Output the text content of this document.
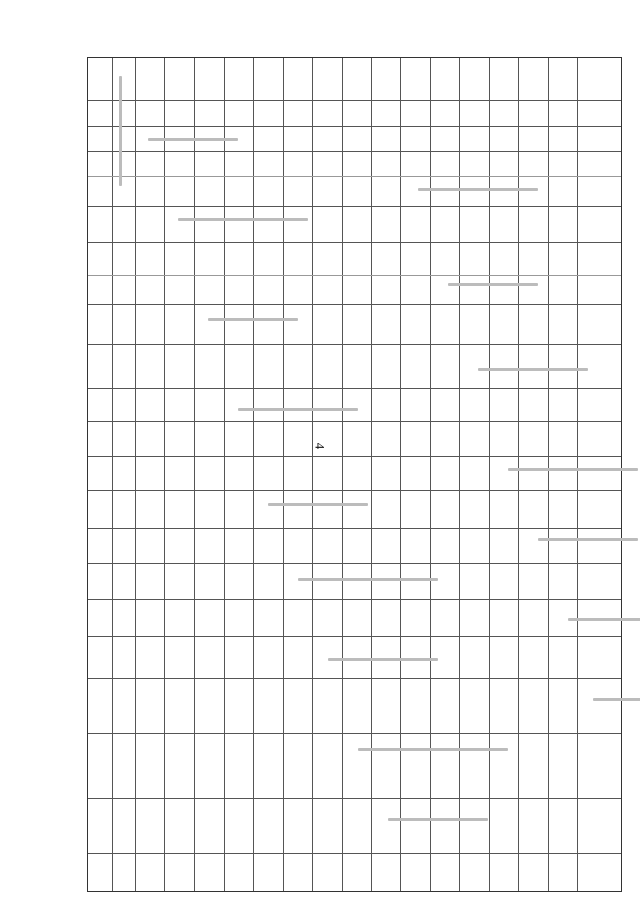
4
